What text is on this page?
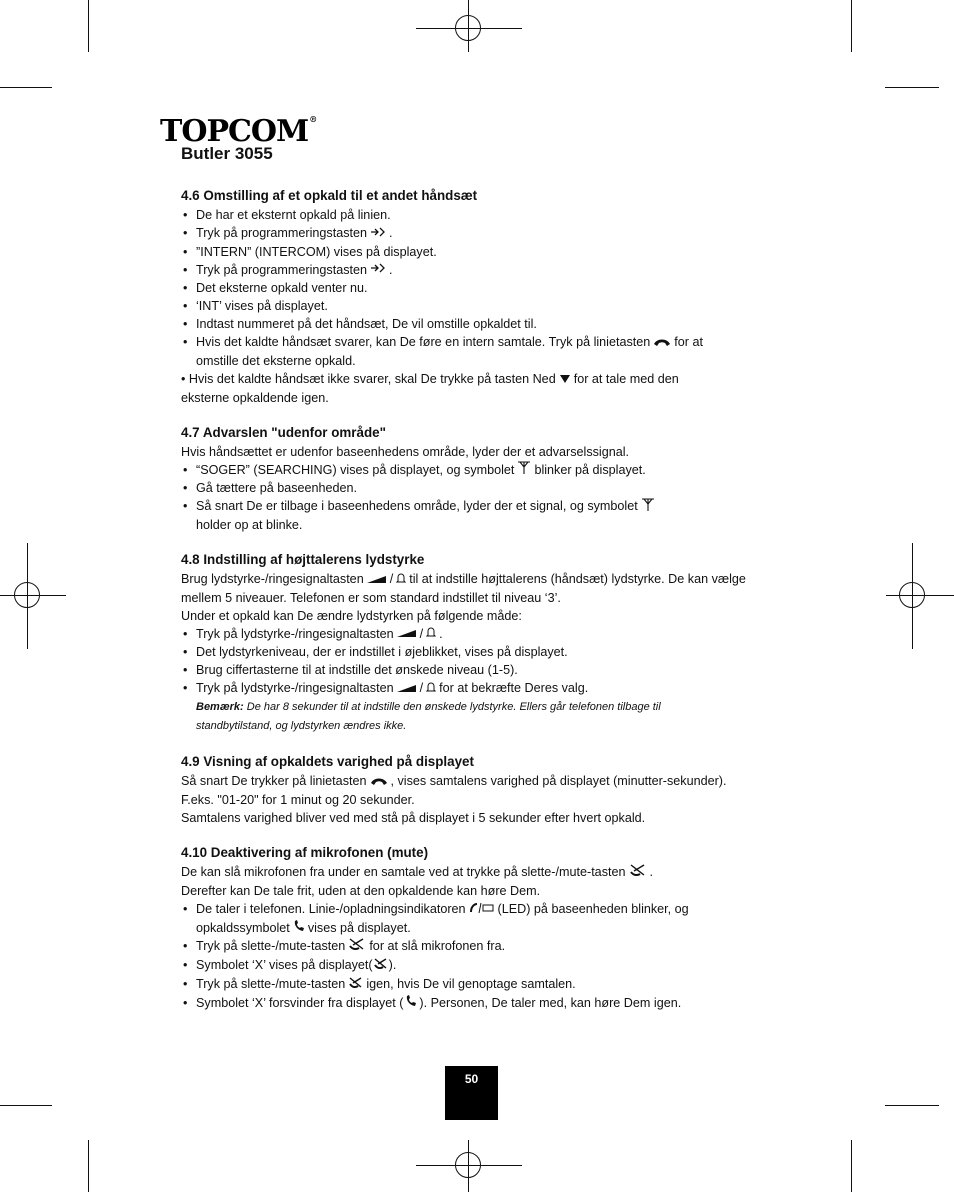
TOPCOM®
Butler 3055
4.6 Omstilling af et opkald til et andet håndsæt
• De har et eksternt opkald på linien.
• Tryk på programmeringstasten .
• ”INTERN” (INTERCOM) vises på displayet.
• Tryk på programmeringstasten .
• Det eksterne opkald venter nu.
• ‘INT’ vises på displayet.
• Indtast nummeret på det håndsæt, De vil omstille opkaldet til.
• Hvis det kaldte håndsæt svarer, kan De føre en intern samtale. Tryk på linietasten for at
omstille det eksterne opkald.
• Hvis det kaldte håndsæt ikke svarer, skal De trykke på tasten Ned for at tale med den
eksterne opkaldende igen.
4.7 Advarslen "udenfor område"
Hvis håndsættet er udenfor baseenhedens område, lyder der et advarselssignal.
• “SOGER” (SEARCHING) vises på displayet, og symbolet blinker på displayet.
• Gå tættere på baseenheden.
• Så snart De er tilbage i baseenhedens område, lyder der et signal, og symbolet
holder op at blinke.
4.8 Indstilling af højttalerens lydstyrke
Brug lydstyrke-/ringesignaltasten / til at indstille højttalerens (håndsæt) lydstyrke. De kan vælge
mellem 5 niveauer. Telefonen er som standard indstillet til niveau ‘3’.
Under et opkald kan De ændre lydstyrken på følgende måde:
• Tryk på lydstyrke-/ringesignaltasten / .
• Det lydstyrkeniveau, der er indstillet i øjeblikket, vises på displayet.
• Brug ciffertasterne til at indstille det ønskede niveau (1-5).
• Tryk på lydstyrke-/ringesignaltasten / for at bekræfte Deres valg.
Bemærk: De har 8 sekunder til at indstille den ønskede lydstyrke. Ellers går telefonen tilbage til
standbytilstand, og lydstyrken ændres ikke.
4.9 Visning af opkaldets varighed på displayet
Så snart De trykker på linietasten , vises samtalens varighed på displayet (minutter-sekunder).
F.eks. "01-20" for 1 minut og 20 sekunder.
Samtalens varighed bliver ved med stå på displayet i 5 sekunder efter hvert opkald.
4.10 Deaktivering af mikrofonen (mute)
De kan slå mikrofonen fra under en samtale ved at trykke på slette-/mute-tasten .
Derefter kan De tale frit, uden at den opkaldende kan høre Dem.
• De taler i telefonen. Linie-/opladningsindikatoren	(LED) på baseenheden blinker, og
opkaldssymbolet vises på displayet.
• Tryk på slette-/mute-tasten for at slå mikrofonen fra.
• Symbolet ‘X’ vises på displayet( ).
• Tryk på slette-/mute-tasten igen, hvis De vil genoptage samtalen.
• Symbolet ‘X’ forsvinder fra displayet ( ). Personen, De taler med, kan høre Dem igen.
50
